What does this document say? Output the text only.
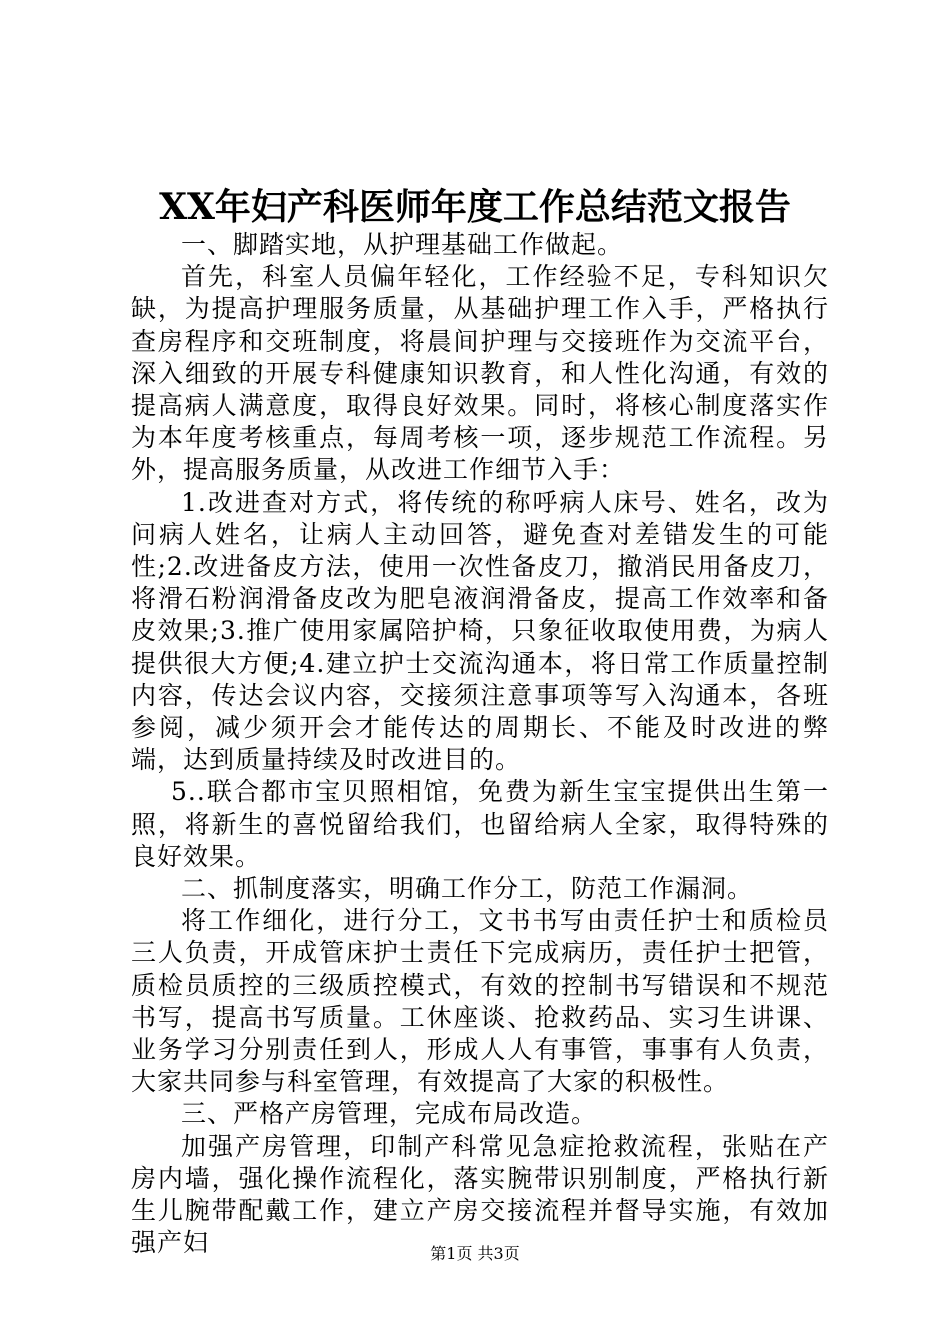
XX年妇产科医师年度工作总结范文报告

一、脚踏实地，从护理基础工作做起。

首先，科室人员偏年轻化，工作经验不足，专科知识欠缺，为提高护理服务质量，从基础护理工作入手，严格执行查房程序和交班制度，将晨间护理与交接班作为交流平台，深入细致的开展专科健康知识教育，和人性化沟通，有效的提高病人满意度，取得良好效果。同时，将核心制度落实作为本年度考核重点，每周考核一项，逐步规范工作流程。另外，提高服务质量，从改进工作细节入手：

1.改进查对方式，将传统的称呼病人床号、姓名，改为问病人姓名，让病人主动回答，避免查对差错发生的可能性;2.改进备皮方法，使用一次性备皮刀，撤消民用备皮刀，将滑石粉润滑备皮改为肥皂液润滑备皮，提高工作效率和备皮效果;3.推广使用家属陪护椅，只象征收取使用费，为病人提供很大方便;4.建立护士交流沟通本，将日常工作质量控制内容，传达会议内容，交接须注意事项等写入沟通本，各班参阅，减少须开会才能传达的周期长、不能及时改进的弊端，达到质量持续及时改进目的。

5..联合都市宝贝照相馆，免费为新生宝宝提供出生第一照，将新生的喜悦留给我们，也留给病人全家，取得特殊的良好效果。

二、抓制度落实，明确工作分工，防范工作漏洞。

将工作细化，进行分工，文书书写由责任护士和质检员三人负责，开成管床护士责任下完成病历，责任护士把管，质检员质控的三级质控模式，有效的控制书写错误和不规范书写，提高书写质量。工休座谈、抢救药品、实习生讲课、业务学习分别责任到人，形成人人有事管，事事有人负责，大家共同参与科室管理，有效提高了大家的积极性。

三、严格产房管理，完成布局改造。

加强产房管理，印制产科常见急症抢救流程，张贴在产房内墙，强化操作流程化，落实腕带识别制度，严格执行新生儿腕带配戴工作，建立产房交接流程并督导实施，有效加强产妇	第1页 共3页
